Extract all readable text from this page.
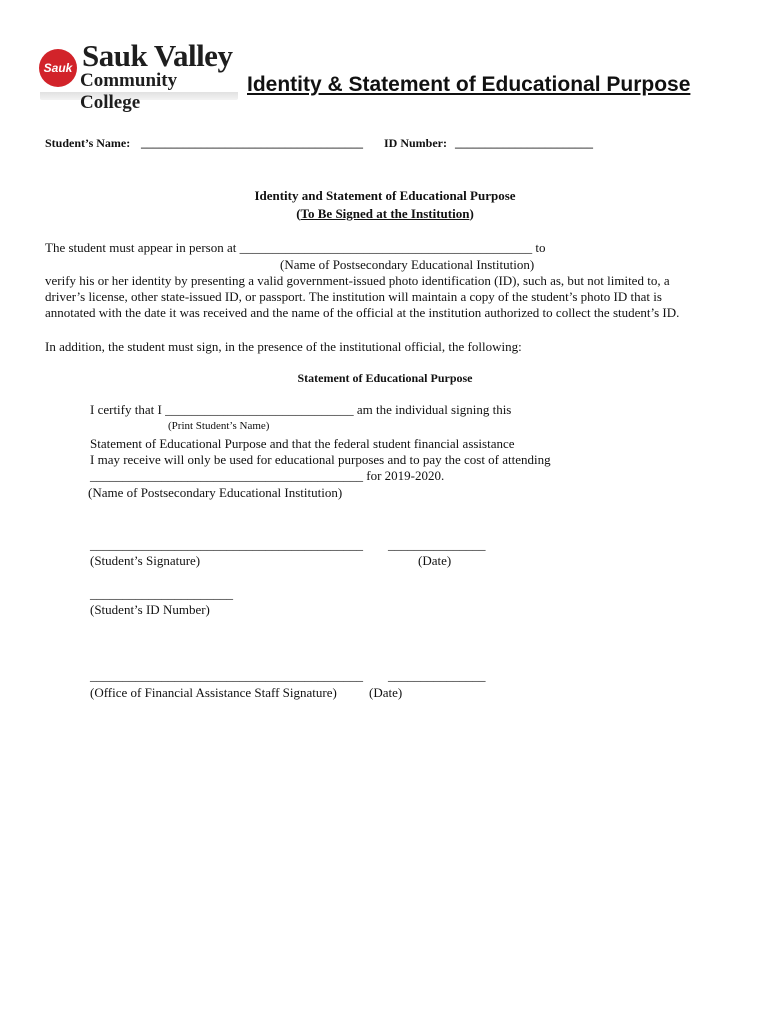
Sauk Sauk Valley
Community College
Identity & Statement of Educational Purpose
Student’s Name: _____________________________________ ID Number: _______________________
Identity and Statement of Educational Purpose
(To Be Signed at the Institution)
The student must appear in person at _____________________________________________ to
(Name of Postsecondary Educational Institution)
verify his or her identity by presenting a valid government-issued photo identification (ID), such as, but not limited to, a
driver’s license, other state-issued ID, or passport. The institution will maintain a copy of the student’s photo ID that is
annotated with the date it was received and the name of the official at the institution authorized to collect the student’s ID.
In addition, the student must sign, in the presence of the institutional official, the following:
Statement of Educational Purpose
I certify that I _____________________________ am the individual signing this
(Print Student’s Name)
Statement of Educational Purpose and that the federal student financial assistance
I may receive will only be used for educational purposes and to pay the cost of attending
__________________________________________ for 2019-2020.
(Name of Postsecondary Educational Institution)
__________________________________________ _______________
(Student’s Signature)	(Date)
______________________
(Student’s ID Number)
__________________________________________ _______________
(Office of Financial Assistance Staff Signature) (Date)
